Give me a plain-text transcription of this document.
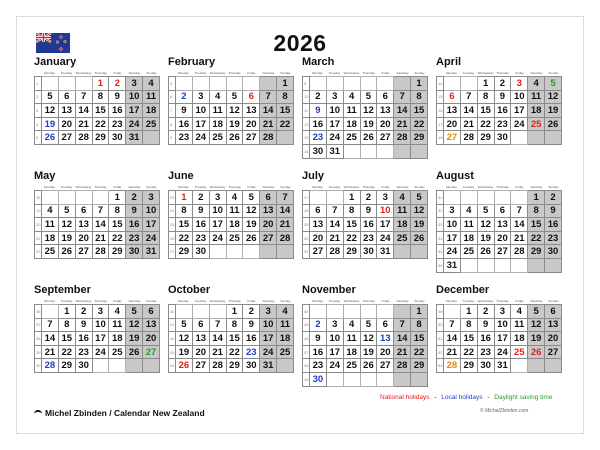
2026
January
Monday	Tuesday	Wednesday Thursday	Friday	Saturday	Sunday
1				1	2	3	4
2	5	6	7	8	9	10	11
3	12	13	14	15	16	17	18
4	19	20	21	22	23	24	25
5	26	27	28	29	30	31	
February
Monday	Tuesday	Wednesday Thursday	Friday	Saturday	Sunday
5							1
6	2	3	4	5	6	7	8
7	9	10	11	12	13	14	15
8	16	17	18	19	20	21	22
9	23	24	25	26	27	28	
March
Monday	Tuesday	Wednesday Thursday	Friday	Saturday	Sunday
9							1
10	2	3	4	5	6	7	8
11	9	10	11	12	13	14	15
12	16	17	18	19	20	21	22
13	23	24	25	26	27	28	29
14	30	31					
April
Monday	Tuesday	Wednesday Thursday	Friday	Saturday	Sunday
14			1	2	3	4	5
15	6	7	8	9	10	11	12
16	13	14	15	16	17	18	19
17	20	21	22	23	24	25	26
18	27	28	29	30			
May
Monday	Tuesday	Wednesday Thursday	Friday	Saturday	Sunday
18					1	2	3
19	4	5	6	7	8	9	10
20	11	12	13	14	15	16	17
21	18	19	20	21	22	23	24
22	25	26	27	28	29	30	31
June
Monday	Tuesday	Wednesday Thursday	Friday	Saturday	Sunday
23	1	2	3	4	5	6	7
24	8	9	10	11	12	13	14
25	15	16	17	18	19	20	21
26	22	23	24	25	26	27	28
27	29	30					
July
Monday	Tuesday	Wednesday Thursday	Friday	Saturday	Sunday
27			1	2	3	4	5
28	6	7	8	9	10	11	12
29	13	14	15	16	17	18	19
30	20	21	22	23	24	25	26
31	27	28	29	30	31		
August
Monday	Tuesday	Wednesday Thursday	Friday	Saturday	Sunday
31						1	2
32	3	4	5	6	7	8	9
33	10	11	12	13	14	15	16
34	17	18	19	20	21	22	23
35	24	25	26	27	28	29	30
36	31						
September
Monday	Tuesday	Wednesday Thursday	Friday	Saturday	Sunday
36		1	2	3	4	5	6
37	7	8	9	10	11	12	13
38	14	15	16	17	18	19	20
39	21	22	23	24	25	26	27
40	28	29	30				
October
Monday	Tuesday	Wednesday Thursday	Friday	Saturday	Sunday
40				1	2	3	4
41	5	6	7	8	9	10	11
42	12	13	14	15	16	17	18
43	19	20	21	22	23	24	25
44	26	27	28	29	30	31	
November
Monday	Tuesday	Wednesday Thursday	Friday	Saturday	Sunday
44							1
45	2	3	4	5	6	7	8
46	9	10	11	12	13	14	15
47	16	17	18	19	20	21	22
48	23	24	25	26	27	28	29
49	30						
December
Monday	Tuesday	Wednesday Thursday	Friday	Saturday	Sunday
49		1	2	3	4	5	6
50	7	8	9	10	11	12	13
51	14	15	16	17	18	19	20
52	21	22	23	24	25	26	27
53	28	29	30	31			
Michel Zbinden / Calendar New Zealand
National holidays - Local holidays - Daylight saving time
© MichelZbinden.com
